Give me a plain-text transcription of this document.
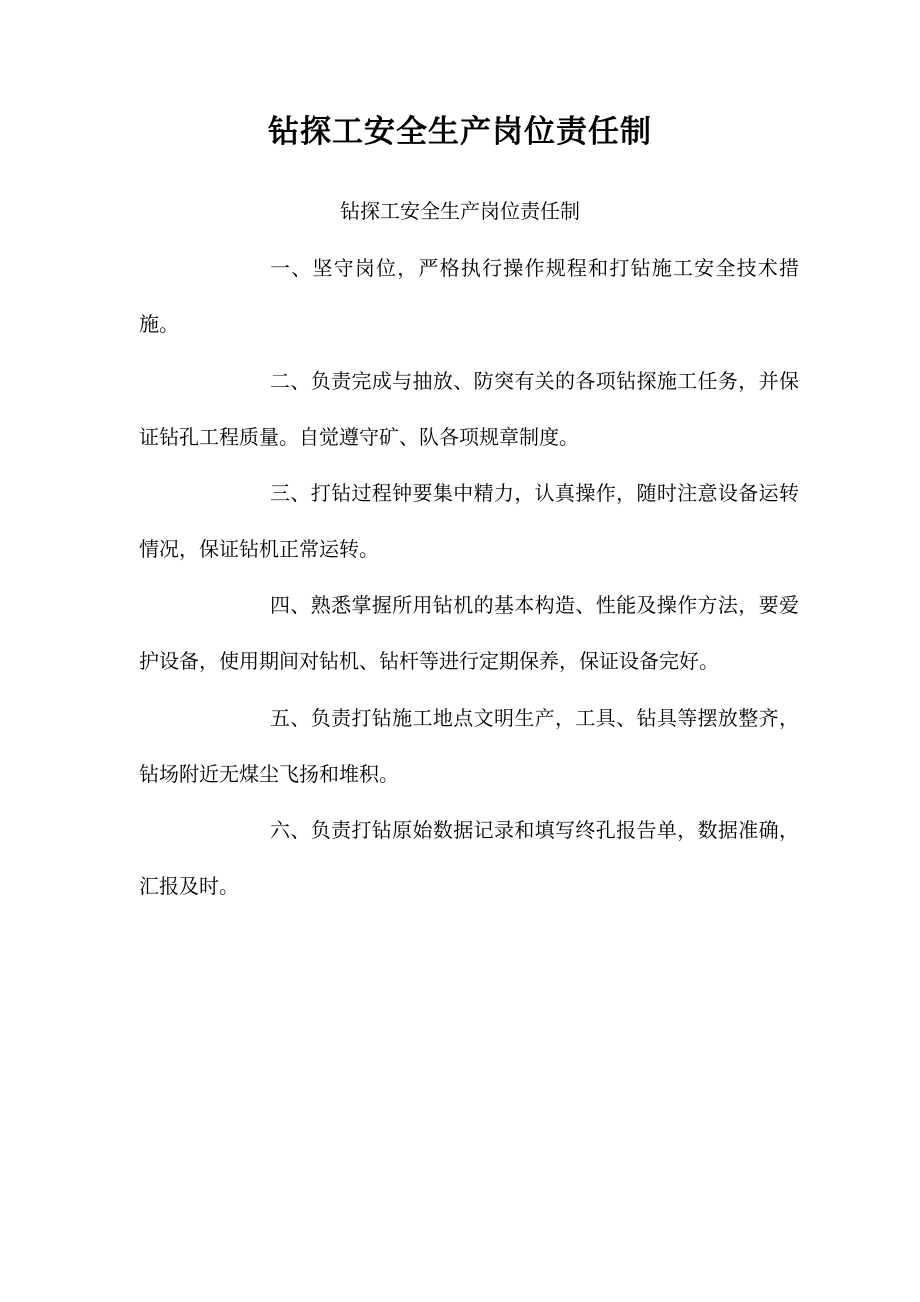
钻探工安全生产岗位责任制
钻探工安全生产岗位责任制

一、坚守岗位，严格执行操作规程和打钻施工安全技术措施。

二、负责完成与抽放、防突有关的各项钻探施工任务，并保证钻孔工程质量。自觉遵守矿、队各项规章制度。

三、打钻过程钟要集中精力，认真操作，随时注意设备运转情况，保证钻机正常运转。

四、熟悉掌握所用钻机的基本构造、性能及操作方法，要爱护设备，使用期间对钻机、钻杆等进行定期保养，保证设备完好。

五、负责打钻施工地点文明生产，工具、钻具等摆放整齐，钻场附近无煤尘飞扬和堆积。

六、负责打钻原始数据记录和填写终孔报告单，数据准确，汇报及时。
